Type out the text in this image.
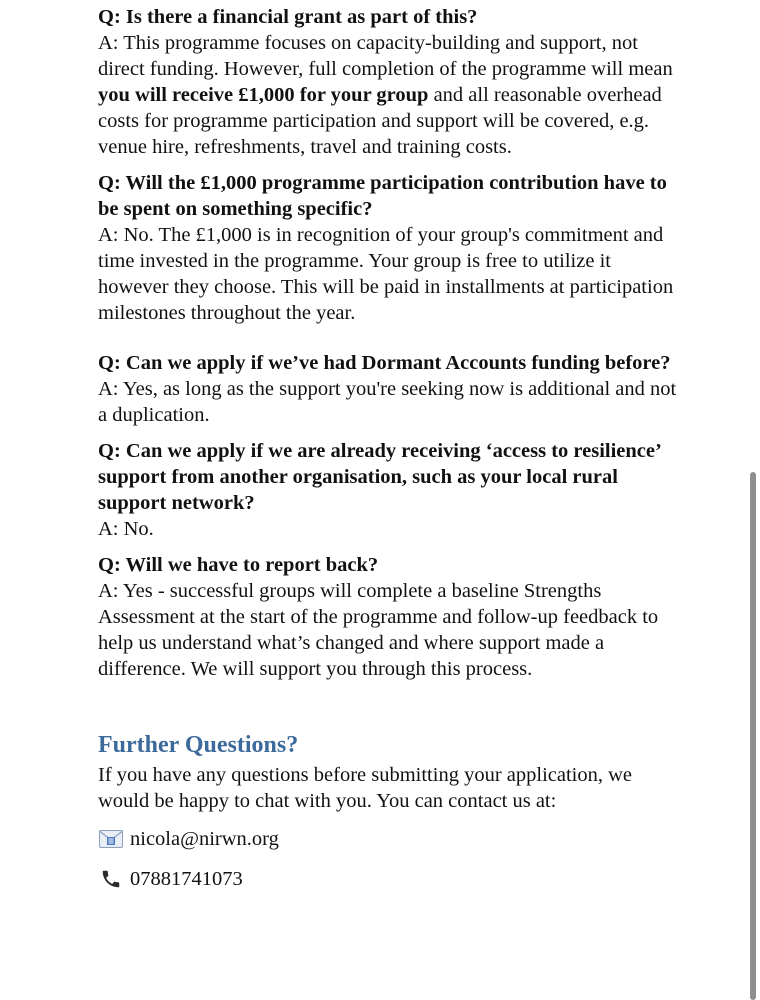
Q: Is there a financial grant as part of this?

A: This programme focuses on capacity-building and support, not direct funding. However, full completion of the programme will mean you will receive £1,000 for your group and all reasonable overhead costs for programme participation and support will be covered, e.g. venue hire, refreshments, travel and training costs.

Q: Will the £1,000 programme participation contribution have to be spent on something specific?

A: No. The £1,000 is in recognition of your group's commitment and time invested in the programme. Your group is free to utilize it however they choose. This will be paid in installments at participation milestones throughout the year.

Q: Can we apply if we’ve had Dormant Accounts funding before?

A: Yes, as long as the support you're seeking now is additional and not a duplication.

Q: Can we apply if we are already receiving ‘access to resilience’ support from another organisation, such as your local rural support network?

A: No.

Q: Will we have to report back?

A: Yes - successful groups will complete a baseline Strengths Assessment at the start of the programme and follow-up feedback to help us understand what’s changed and where support made a difference. We will support you through this process.

Further Questions?

If you have any questions before submitting your application, we would be happy to chat with you. You can contact us at:

nicola@nirwn.org
07881741073
